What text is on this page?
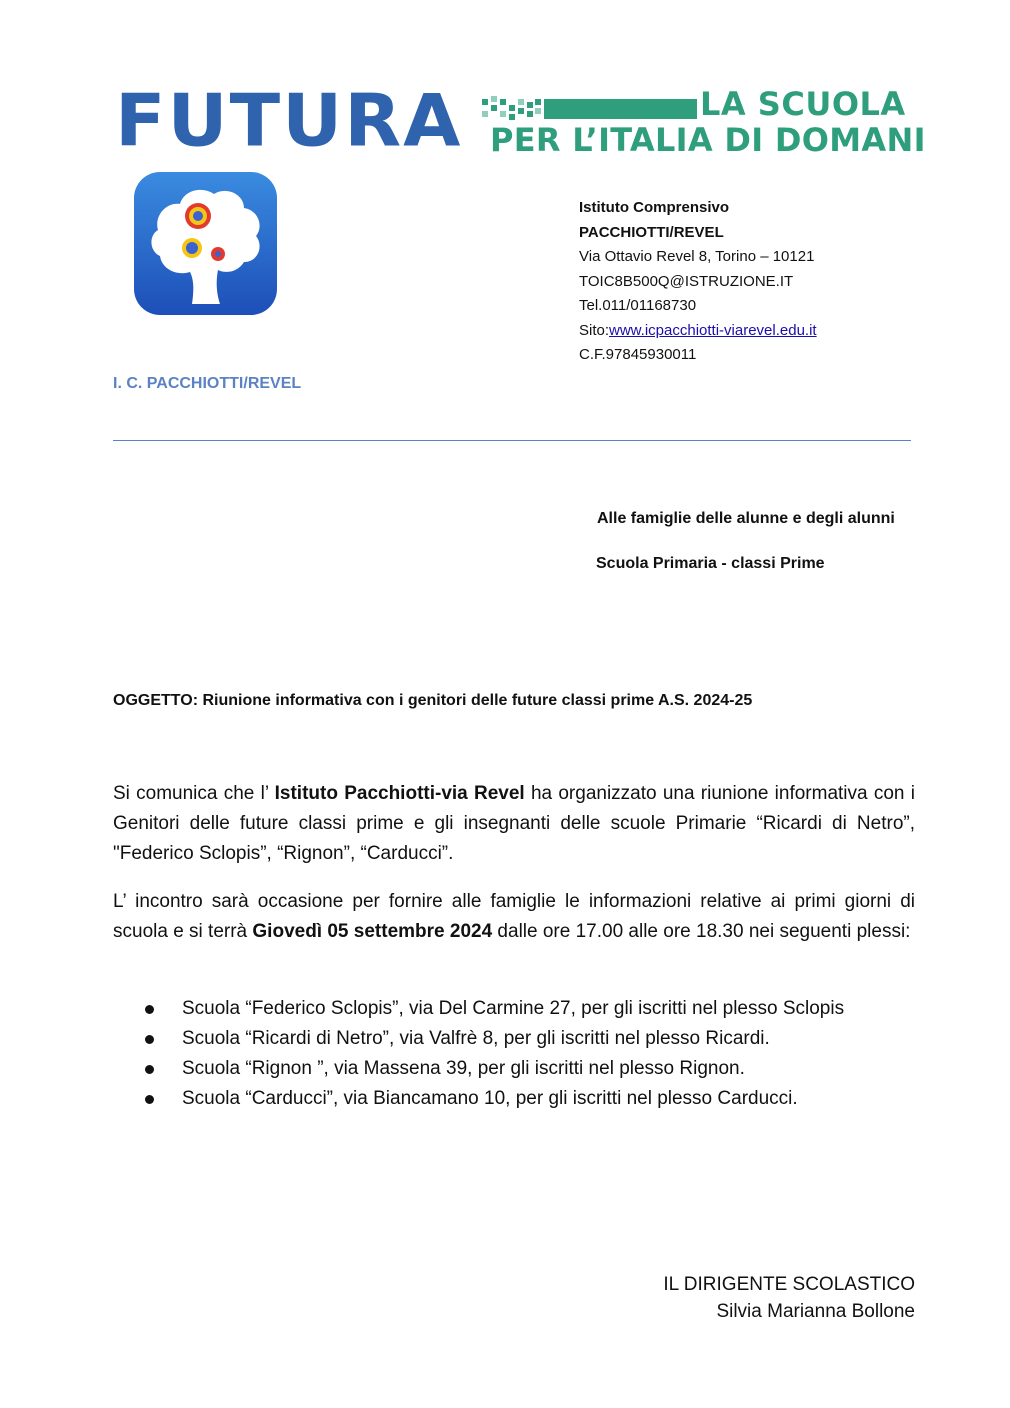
FUTURA	LA SCUOLA
PER L’ITALIA DI DOMANI
Istituto Comprensivo
PACCHIOTTI/REVEL
Via Ottavio Revel 8, Torino – 10121
TOIC8B500Q@ISTRUZIONE.IT
Tel.011/01168730
Sito:www.icpacchiotti-viarevel.edu.it
C.F.97845930011
I. C. PACCHIOTTI/REVEL
Alle famiglie delle alunne e degli alunni
Scuola Primaria - classi Prime
OGGETTO: Riunione informativa con i genitori delle future classi prime A.S. 2024-25
Si comunica che l’ Istituto Pacchiotti-via Revel ha organizzato una riunione informativa con i Genitori delle future classi prime e gli insegnanti delle scuole Primarie “Ricardi di Netro”, "Federico Sclopis”, “Rignon”, “Carducci”.
L’ incontro sarà occasione per fornire alle famiglie le informazioni relative ai primi giorni di scuola e si terrà Giovedì 05 settembre 2024 dalle ore 17.00 alle ore 18.30 nei seguenti plessi:
Scuola “Federico Sclopis”, via Del Carmine 27, per gli iscritti nel plesso Sclopis
Scuola “Ricardi di Netro”, via Valfrè 8, per gli iscritti nel plesso Ricardi.
Scuola “Rignon ”, via Massena 39, per gli iscritti nel plesso Rignon.
Scuola “Carducci”, via Biancamano 10, per gli iscritti nel plesso Carducci.
IL DIRIGENTE SCOLASTICO
Silvia Marianna Bollone
